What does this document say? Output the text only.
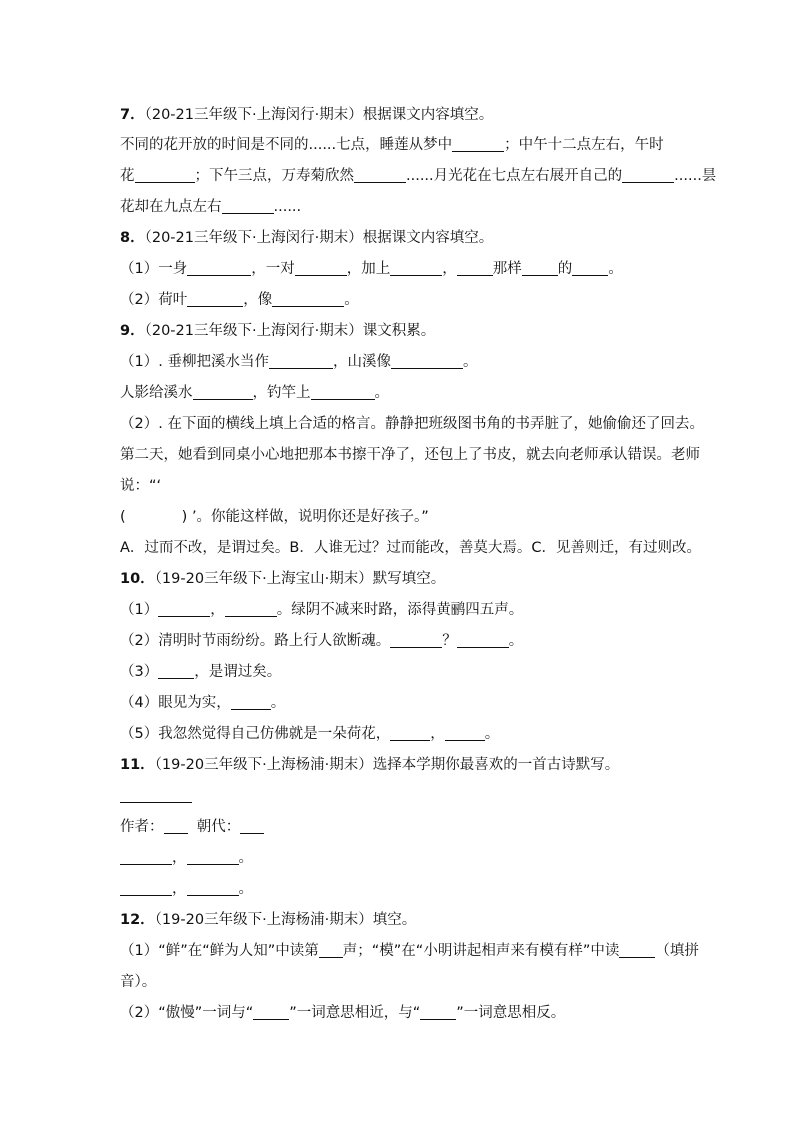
7．（20-21三年级下·上海闵行·期末）根据课文内容填空。
不同的花开放的时间是不同的......七点，睡莲从梦中	；中午十二点左右，午时
花	；下午三点，万寿菊欣然	......月光花在七点左右展开自己的	......昙
花却在九点左右	......
8．（20-21三年级下·上海闵行·期末）根据课文内容填空。
（1）一身	，一对	，加上	， 那样 的 。
（2）荷叶	，像	。
9．（20-21三年级下·上海闵行·期末）课文积累。
（1）. 垂柳把溪水当作	，山溪像	。
人影给溪水	，钓竿上	。
（2）. 在下面的横线上填上合适的格言。静静把班级图书角的书弄脏了，她偷偷还了回去。
第二天，她看到同桌小心地把那本书擦干净了，还包上了书皮，就去向老师承认错误。老师
说：“‘
(	) ’。你能这样做，说明你还是好孩子。”
A．过而不改，是谓过矣。B．人谁无过？过而能改，善莫大焉。C．见善则迁，有过则改。
10．（19-20三年级下·上海宝山·期末）默写填空。
（1）	，	。绿阴不减来时路，添得黄鹂四五声。
（2）清明时节雨纷纷。路上行人欲断魂。	？	。
（3） ，是谓过矣。
（4）眼见为实，	。
（5）我忽然觉得自己仿佛就是一朵荷花，	，	。
11．（19-20三年级下·上海杨浦·期末）选择本学期你最喜欢的一首古诗默写。
作者： 朝代：
，	。
，	。
12．（19-20三年级下·上海杨浦·期末）填空。
（1）“鲜”在“鲜为人知”中读第 声；“模”在“小明讲起相声来有模有样”中读 （填拼
音）。
（2）“傲慢”一词与“ ”一词意思相近，与“ ”一词意思相反。
